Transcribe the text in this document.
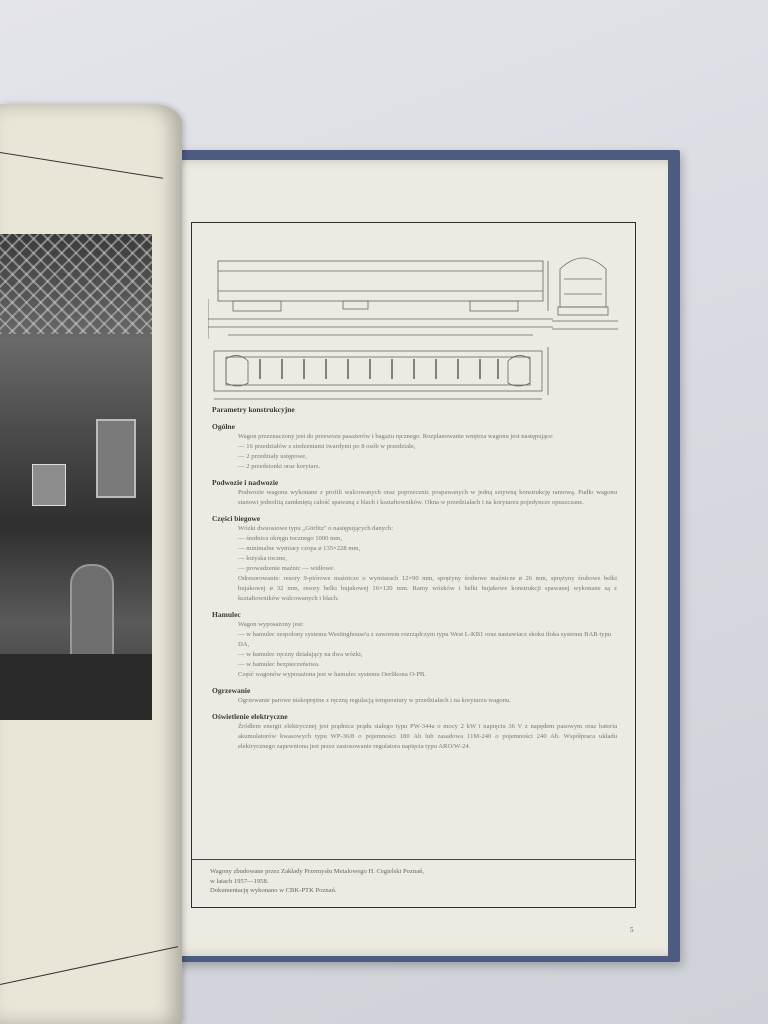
Parametry konstrukcyjne

Ogólne

Wagon przeznaczony jest do przewozu pasażerów i bagażu ręcznego. Rozplanowanie wnętrza wagonu jest następujące:

— 16 przedziałów z siedzeniami twardymi po 8 osób w przedziale,

— 2 przedziały ustępowe,

— 2 przedsionki oraz korytarz.

Podwozie i nadwozie

Podwozie wagonu wykonane z profili walcowanych oraz poprzecznic pospawanych w jedną sztywną konstrukcję ramową. Pudło wagonu stanowi jednolitą zamkniętą całość spawaną z blach i kształtowników. Okna w przedziałach i na korytarzu pojedyncze opuszczane.

Części biegowe

Wózki dwuosiowe typu „Görlitz" o następujących danych:

— średnica okręgu tocznego 1000 mm,

— minimalne wymiary czopa ø 135×228 mm,

— łożyska toczne,

— prowadzenie maźnic — widłowe.

Odresorowanie: resory 9-piórowe maźnicze o wymiarach 12×90 mm, sprężyny śrubowe maźnicze ø 26 mm, sprężyny śrubowe belki bujakowej ø 32 mm, resory belki bujakowej 16×120 mm. Ramy wózków i belki bujakowe konstrukcji spawanej wykonane są z kształtowników walcowanych i blach.

Hamulec

Wagon wyposażony jest:

— w hamulec zespolony systemu Westinghouse'a z zaworem rozrządczym typu West L-KB1 oraz nastawiacz skoku tłoka systemu BAB typu DA,

— w hamulec ręczny działający na dwa wózki,

— w hamulec bezpieczeństwa.

Część wagonów wyposażona jest w hamulec systemu Oerlikona O-PB.

Ogrzewanie

Ogrzewanie parowe niskoprężne z ręczną regulacją temperatury w przedziałach i na korytarzu wagonu.

Oświetlenie elektryczne

Źródłem energii elektrycznej jest prądnica prądu stałego typu PW-344a o mocy 2 kW i napięciu 36 V z napędem pasowym oraz bateria akumulatorów kwasowych typu WP-36/8 o pojemności 180 Ah lub zasadowa 11M-240 o pojemności 240 Ah. Współpraca układu elektrycznego zapewniona jest przez zastosowanie regulatora napięcia typu ARO/W-24.

Wagony zbudowane przez Zakłady Przemysłu Metalowego H. Cegielski Poznań,
w latach 1957—1958.
Dokumentację wykonano w CBK-PTK Poznań.
5
